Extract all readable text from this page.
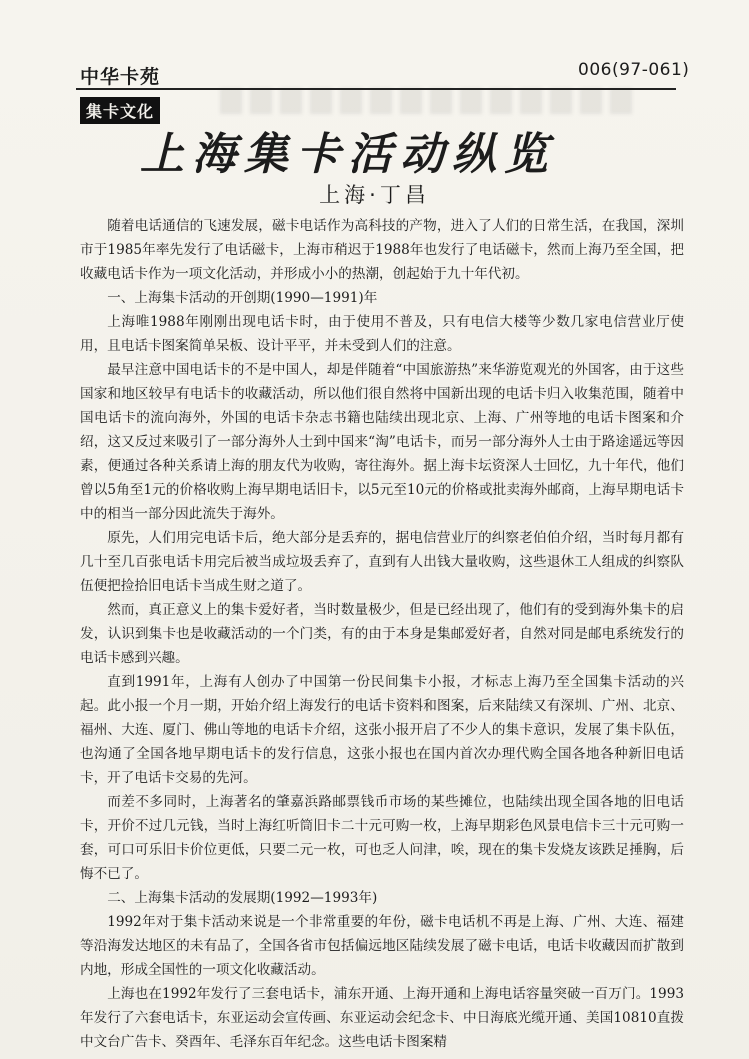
中华卡苑	006(97-061)
集卡文化
上海集卡活动纵览
上海·丁昌

随着电话通信的飞速发展，磁卡电话作为高科技的产物，进入了人们的日常生活，在我国，深圳市于1985年率先发行了电话磁卡，上海市稍迟于1988年也发行了电话磁卡，然而上海乃至全国，把收藏电话卡作为一项文化活动，并形成小小的热潮，创起始于九十年代初。

一、上海集卡活动的开创期(1990—1991)年

上海唯1988年刚刚出现电话卡时，由于使用不普及，只有电信大楼等少数几家电信营业厅使用，且电话卡图案简单呆板、设计平平，并未受到人们的注意。

最早注意中国电话卡的不是中国人，却是伴随着“中国旅游热”来华游览观光的外国客，由于这些国家和地区较早有电话卡的收藏活动，所以他们很自然将中国新出现的电话卡归入收集范围，随着中国电话卡的流向海外，外国的电话卡杂志书籍也陆续出现北京、上海、广州等地的电话卡图案和介绍，这又反过来吸引了一部分海外人士到中国来“淘”电话卡，而另一部分海外人士由于路途遥远等因素，便通过各种关系请上海的朋友代为收购，寄往海外。据上海卡坛资深人士回忆，九十年代，他们曾以5角至1元的价格收购上海早期电话旧卡，以5元至10元的价格或批卖海外邮商，上海早期电话卡中的相当一部分因此流失于海外。

原先，人们用完电话卡后，绝大部分是丢弃的，据电信营业厅的纠察老伯伯介绍，当时每月都有几十至几百张电话卡用完后被当成垃圾丢弃了，直到有人出钱大量收购，这些退休工人组成的纠察队伍便把捡拾旧电话卡当成生财之道了。

然而，真正意义上的集卡爱好者，当时数量极少，但是已经出现了，他们有的受到海外集卡的启发，认识到集卡也是收藏活动的一个门类，有的由于本身是集邮爱好者，自然对同是邮电系统发行的电话卡感到兴趣。

直到1991年，上海有人创办了中国第一份民间集卡小报，才标志上海乃至全国集卡活动的兴起。此小报一个月一期，开始介绍上海发行的电话卡资料和图案，后来陆续又有深圳、广州、北京、福州、大连、厦门、佛山等地的电话卡介绍，这张小报开启了不少人的集卡意识，发展了集卡队伍，也沟通了全国各地早期电话卡的发行信息，这张小报也在国内首次办理代购全国各地各种新旧电话卡，开了电话卡交易的先河。

而差不多同时，上海著名的肇嘉浜路邮票钱币市场的某些摊位，也陆续出现全国各地的旧电话卡，开价不过几元钱，当时上海红听筒旧卡二十元可购一枚，上海早期彩色风景电信卡三十元可购一套，可口可乐旧卡价位更低，只要二元一枚，可也乏人问津，唉，现在的集卡发烧友该跌足捶胸，后悔不已了。

二、上海集卡活动的发展期(1992—1993年)

1992年对于集卡活动来说是一个非常重要的年份，磁卡电话机不再是上海、广州、大连、福建等沿海发达地区的未有品了，全国各省市包括偏远地区陆续发展了磁卡电话，电话卡收藏因而扩散到内地，形成全国性的一项文化收藏活动。

上海也在1992年发行了三套电话卡，浦东开通、上海开通和上海电话容量突破一百万门。1993年发行了六套电话卡，东亚运动会宣传画、东亚运动会纪念卡、中日海底光缆开通、美国10810直拨中文台广告卡、癸酉年、毛泽东百年纪念。这些电话卡图案精
